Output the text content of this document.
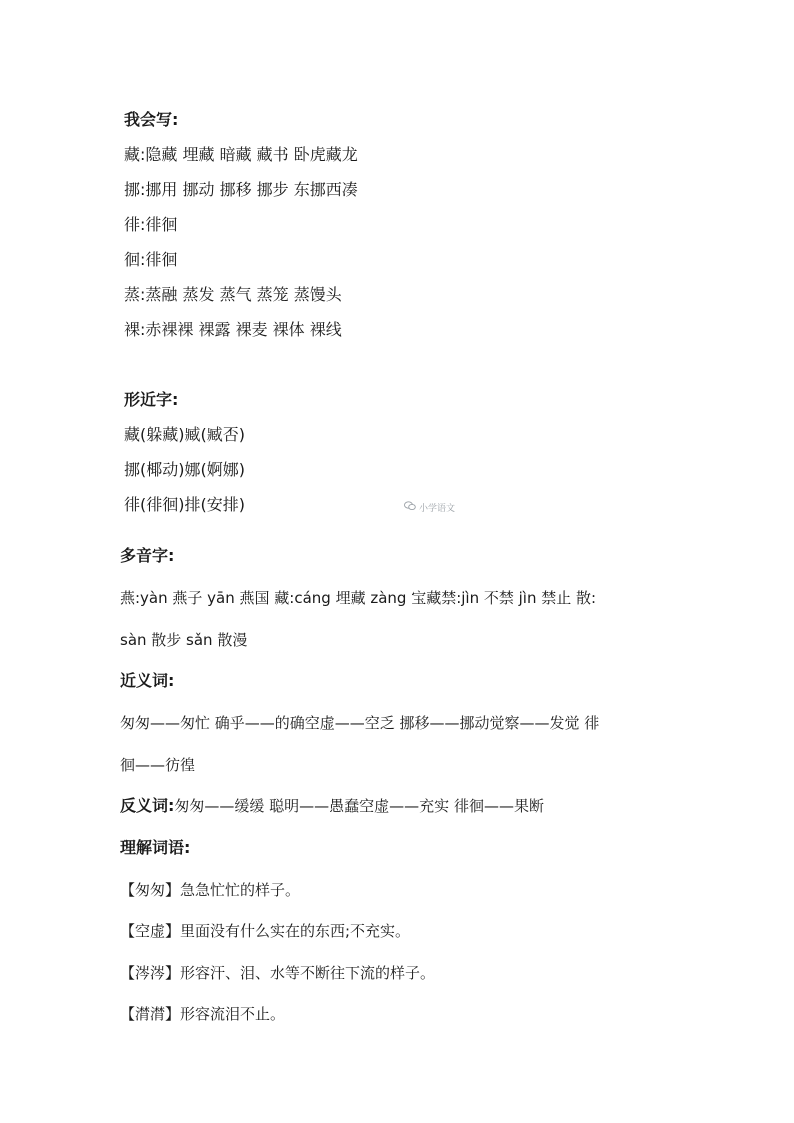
我会写:
藏:隐藏 埋藏 暗藏 藏书 卧虎藏龙
挪:挪用 挪动 挪移 挪步 东挪西凑
徘:徘徊
徊:徘徊
蒸:蒸融 蒸发 蒸气 蒸笼 蒸馒头
裸:赤裸裸 裸露 裸麦 裸体 裸线
形近字:
藏(躲藏)臧(臧否)
挪(椰动)娜(婀娜)
徘(徘徊)排(安排)	小学语文
多音字:
燕:yàn 燕子 yān 燕国 藏:cáng 埋藏 zàng 宝藏禁:jìn 不禁 jìn 禁止 散:
sàn 散步 sǎn 散漫
近义词:
匆匆——匆忙 确乎——的确空虚——空乏 挪移——挪动觉察——发觉 徘
徊——彷徨
反义词:匆匆——缓缓 聪明——愚蠢空虚——充实 徘徊——果断
理解词语:
【匆匆】急急忙忙的样子。
【空虚】里面没有什么实在的东西;不充实。
【涔涔】形容汗、泪、水等不断往下流的样子。
【潸潸】形容流泪不止。
